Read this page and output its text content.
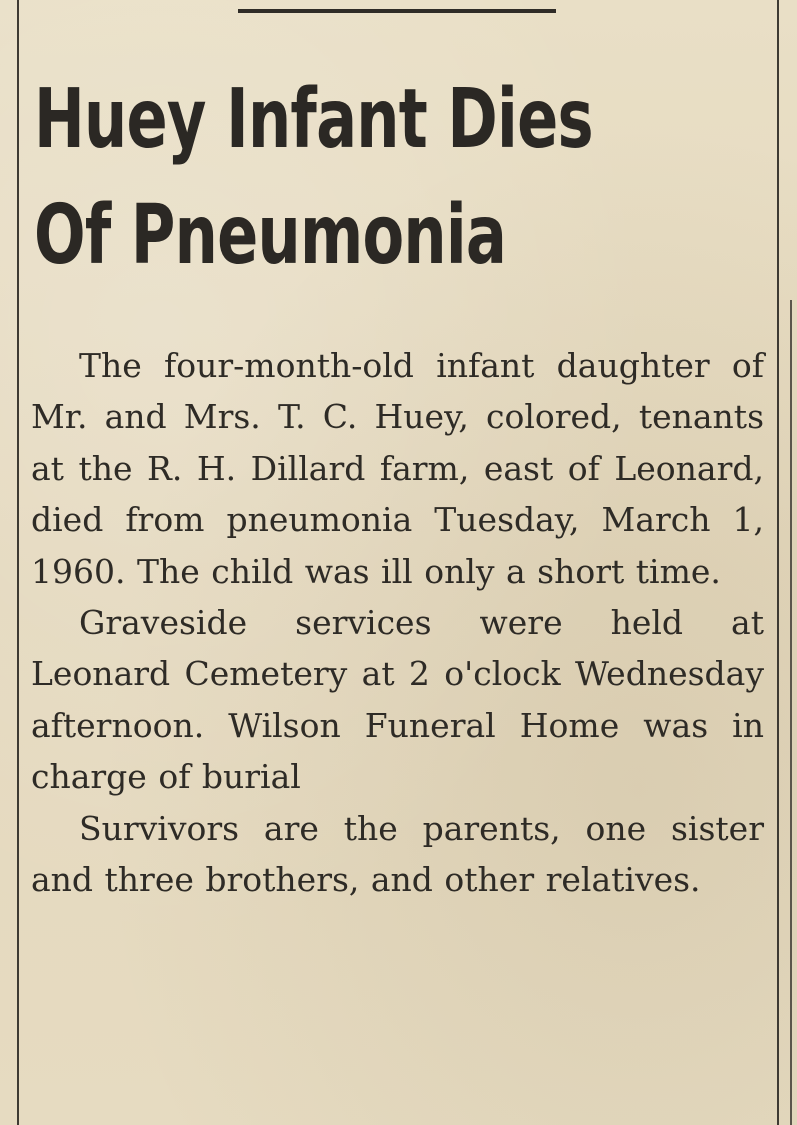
Huey Infant Dies
Of Pneumonia

The four-month-old infant daughter of Mr. and Mrs. T. C. Huey, colored, tenants at the R. H. Dillard farm, east of Leonard, died from pneumonia Tuesday, March 1, 1960. The child was ill only a short time.

Graveside services were held at Leonard Cemetery at 2 o'clock Wednesday afternoon. Wilson Funeral Home was in charge of burial

Survivors are the parents, one sister and three brothers, and other relatives.
